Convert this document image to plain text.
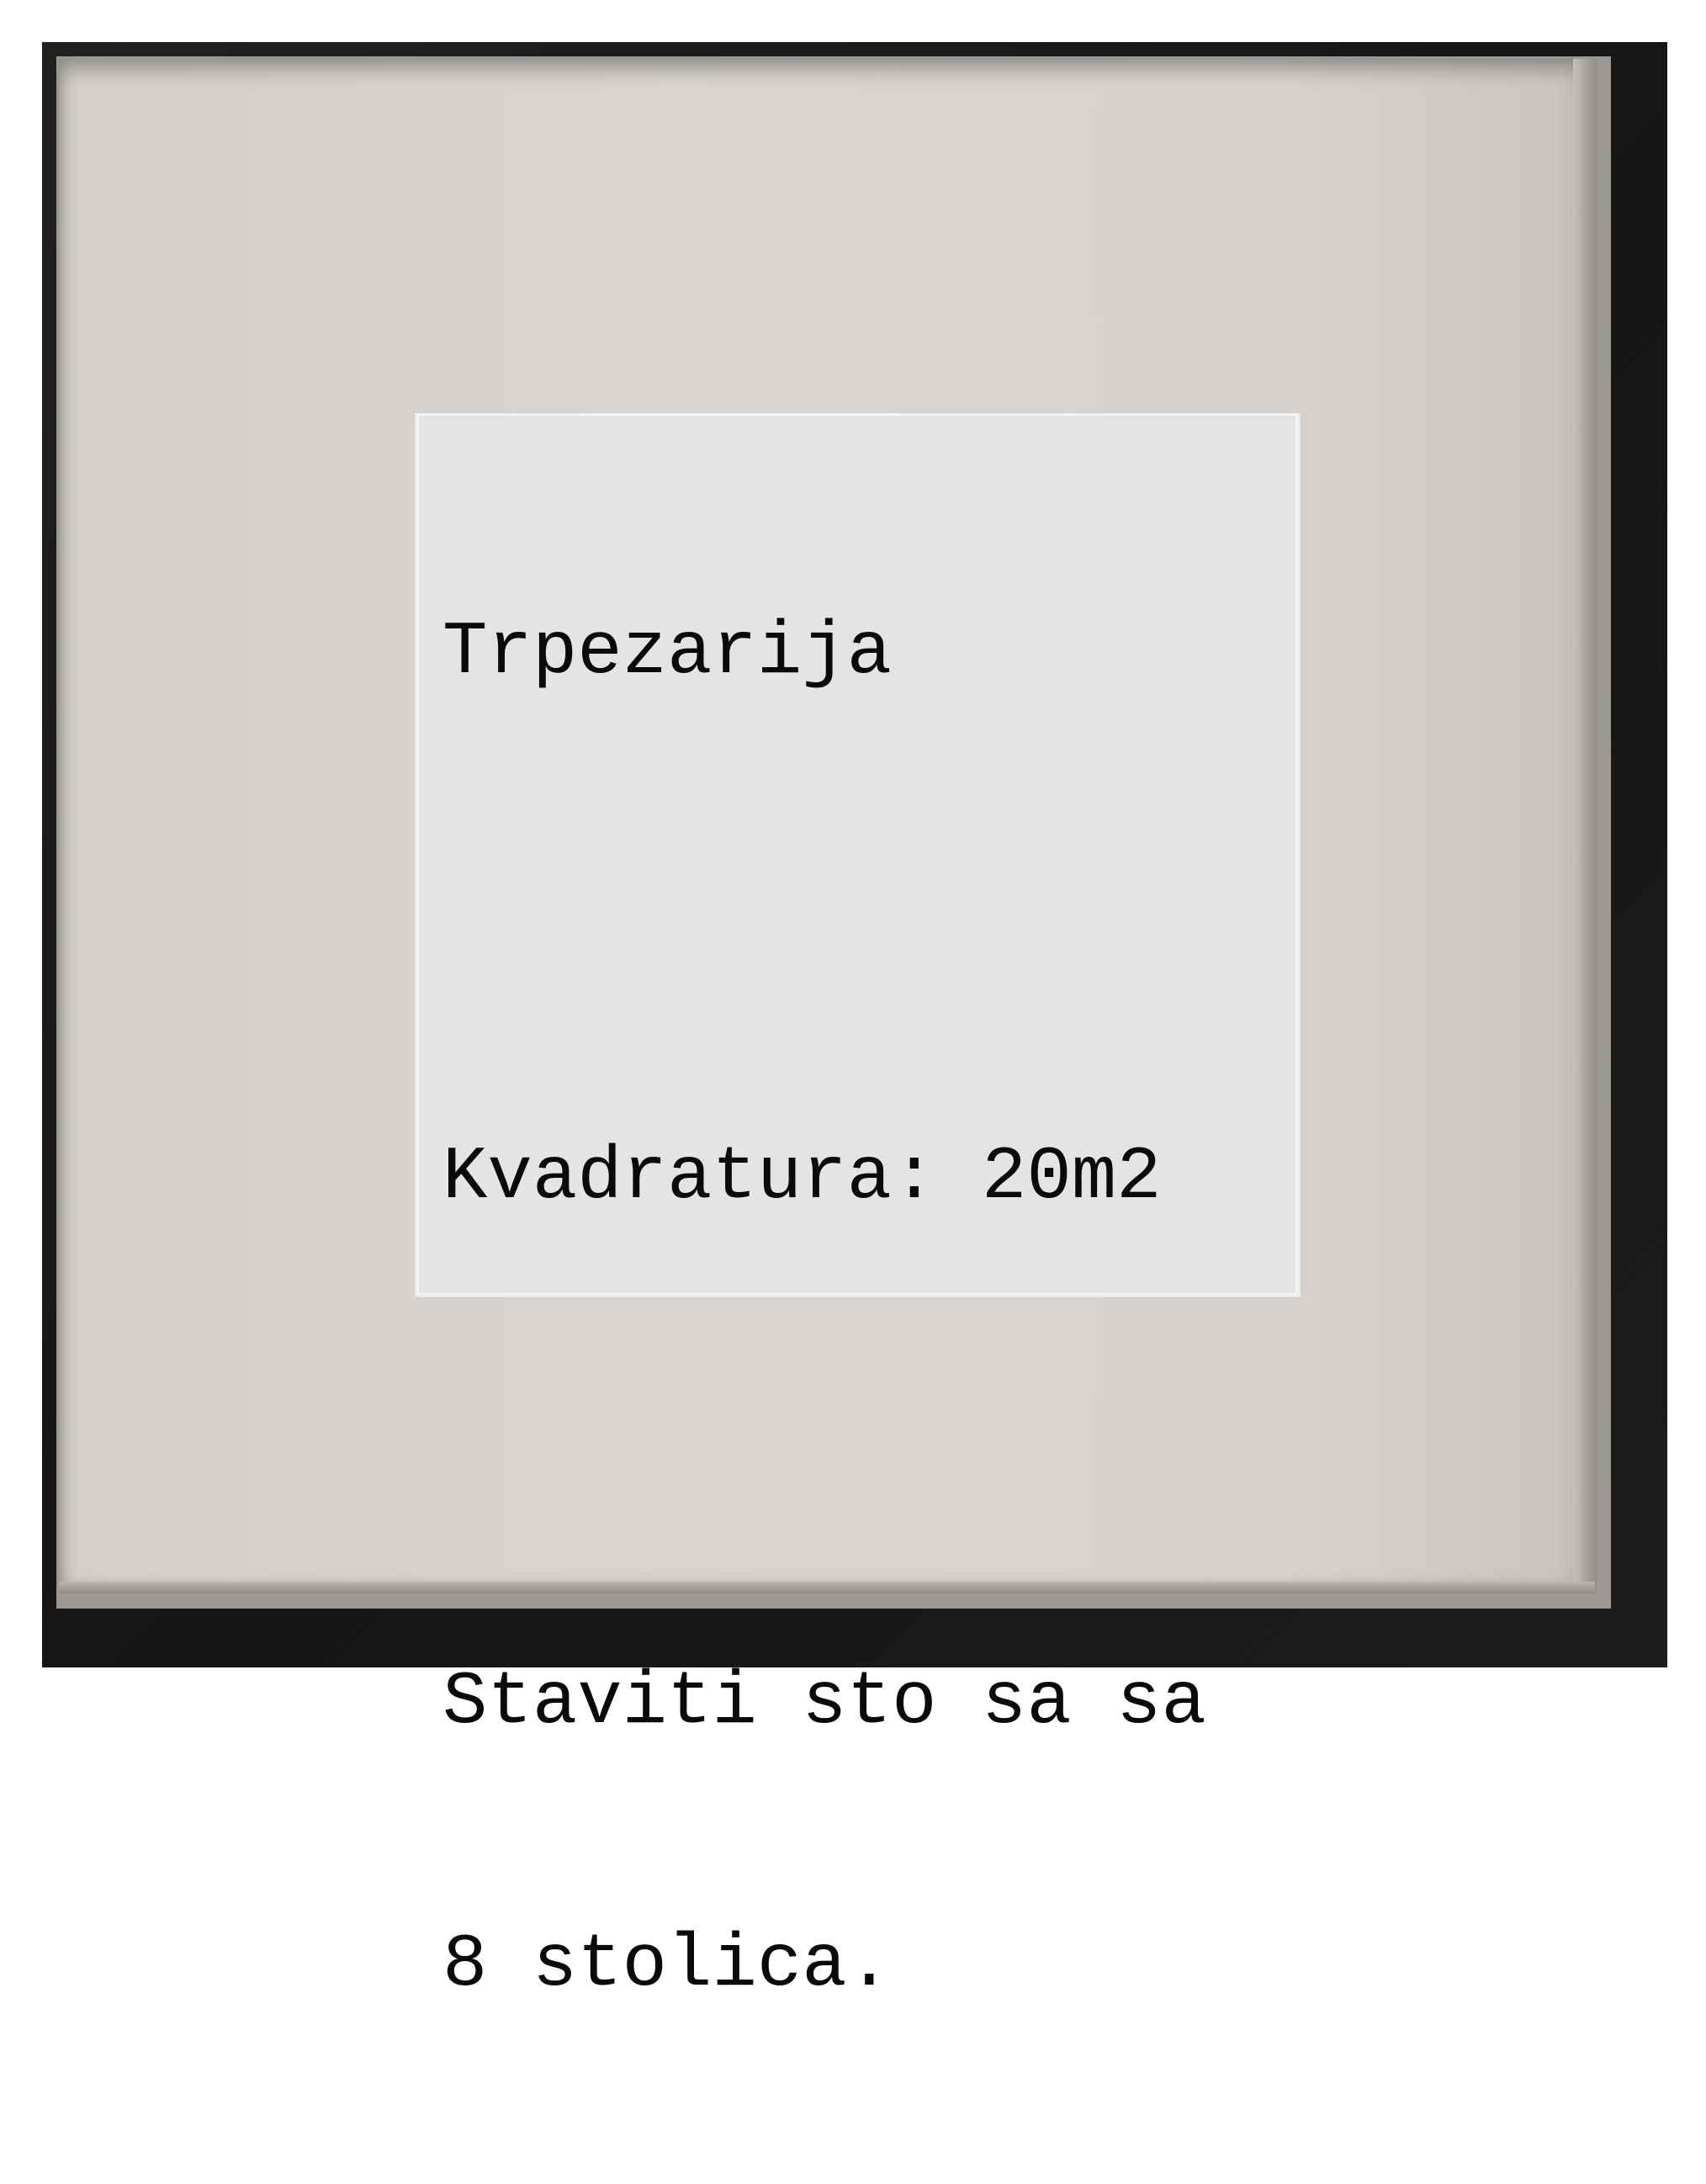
Trpezarija

Kvadratura: 20m2

Staviti sto sa sa

8 stolica.
